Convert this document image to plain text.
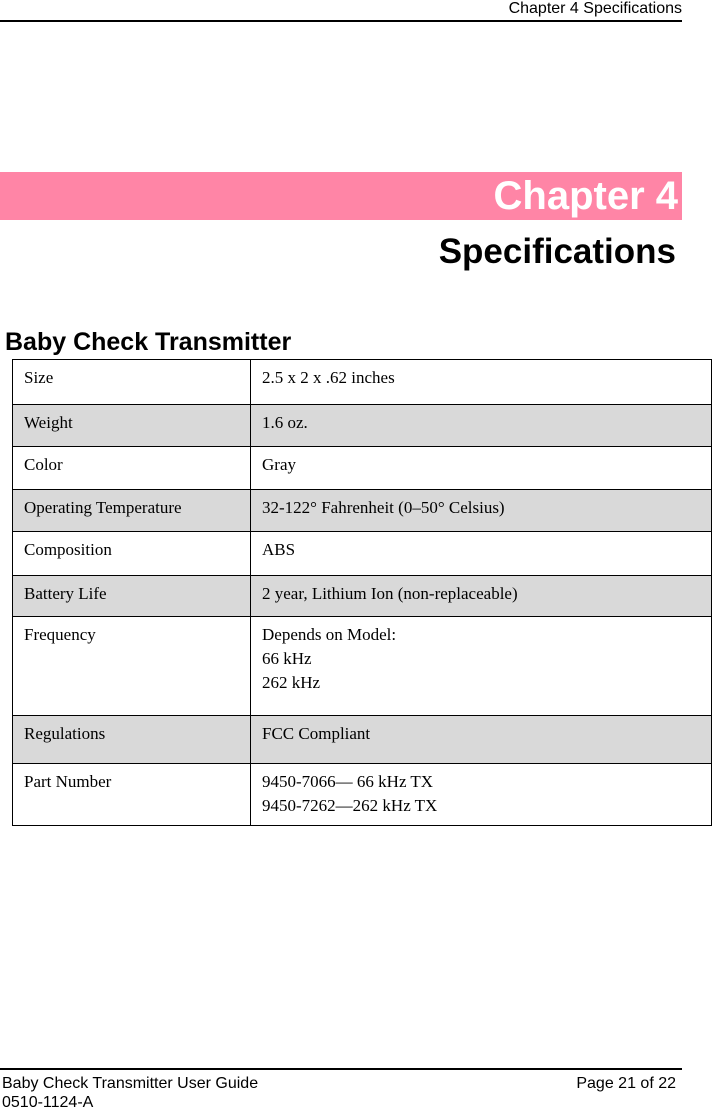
Chapter 4 Specifications
Chapter 4
Specifications
Baby Check Transmitter
Size	2.5 x 2 x .62 inches

Weight	1.6 oz.

Color	Gray

Operating Temperature	32-122° Fahrenheit (0–50° Celsius)

Composition	ABS

Battery Life	2 year, Lithium Ion (non-replaceable)

Frequency	Depends on Model:
66 kHz
262 kHz

Regulations	FCC Compliant

Part Number	9450-7066— 66 kHz TX
9450-7262—262 kHz TX
Baby Check Transmitter User Guide
0510-1124-A
Page 21 of 22
